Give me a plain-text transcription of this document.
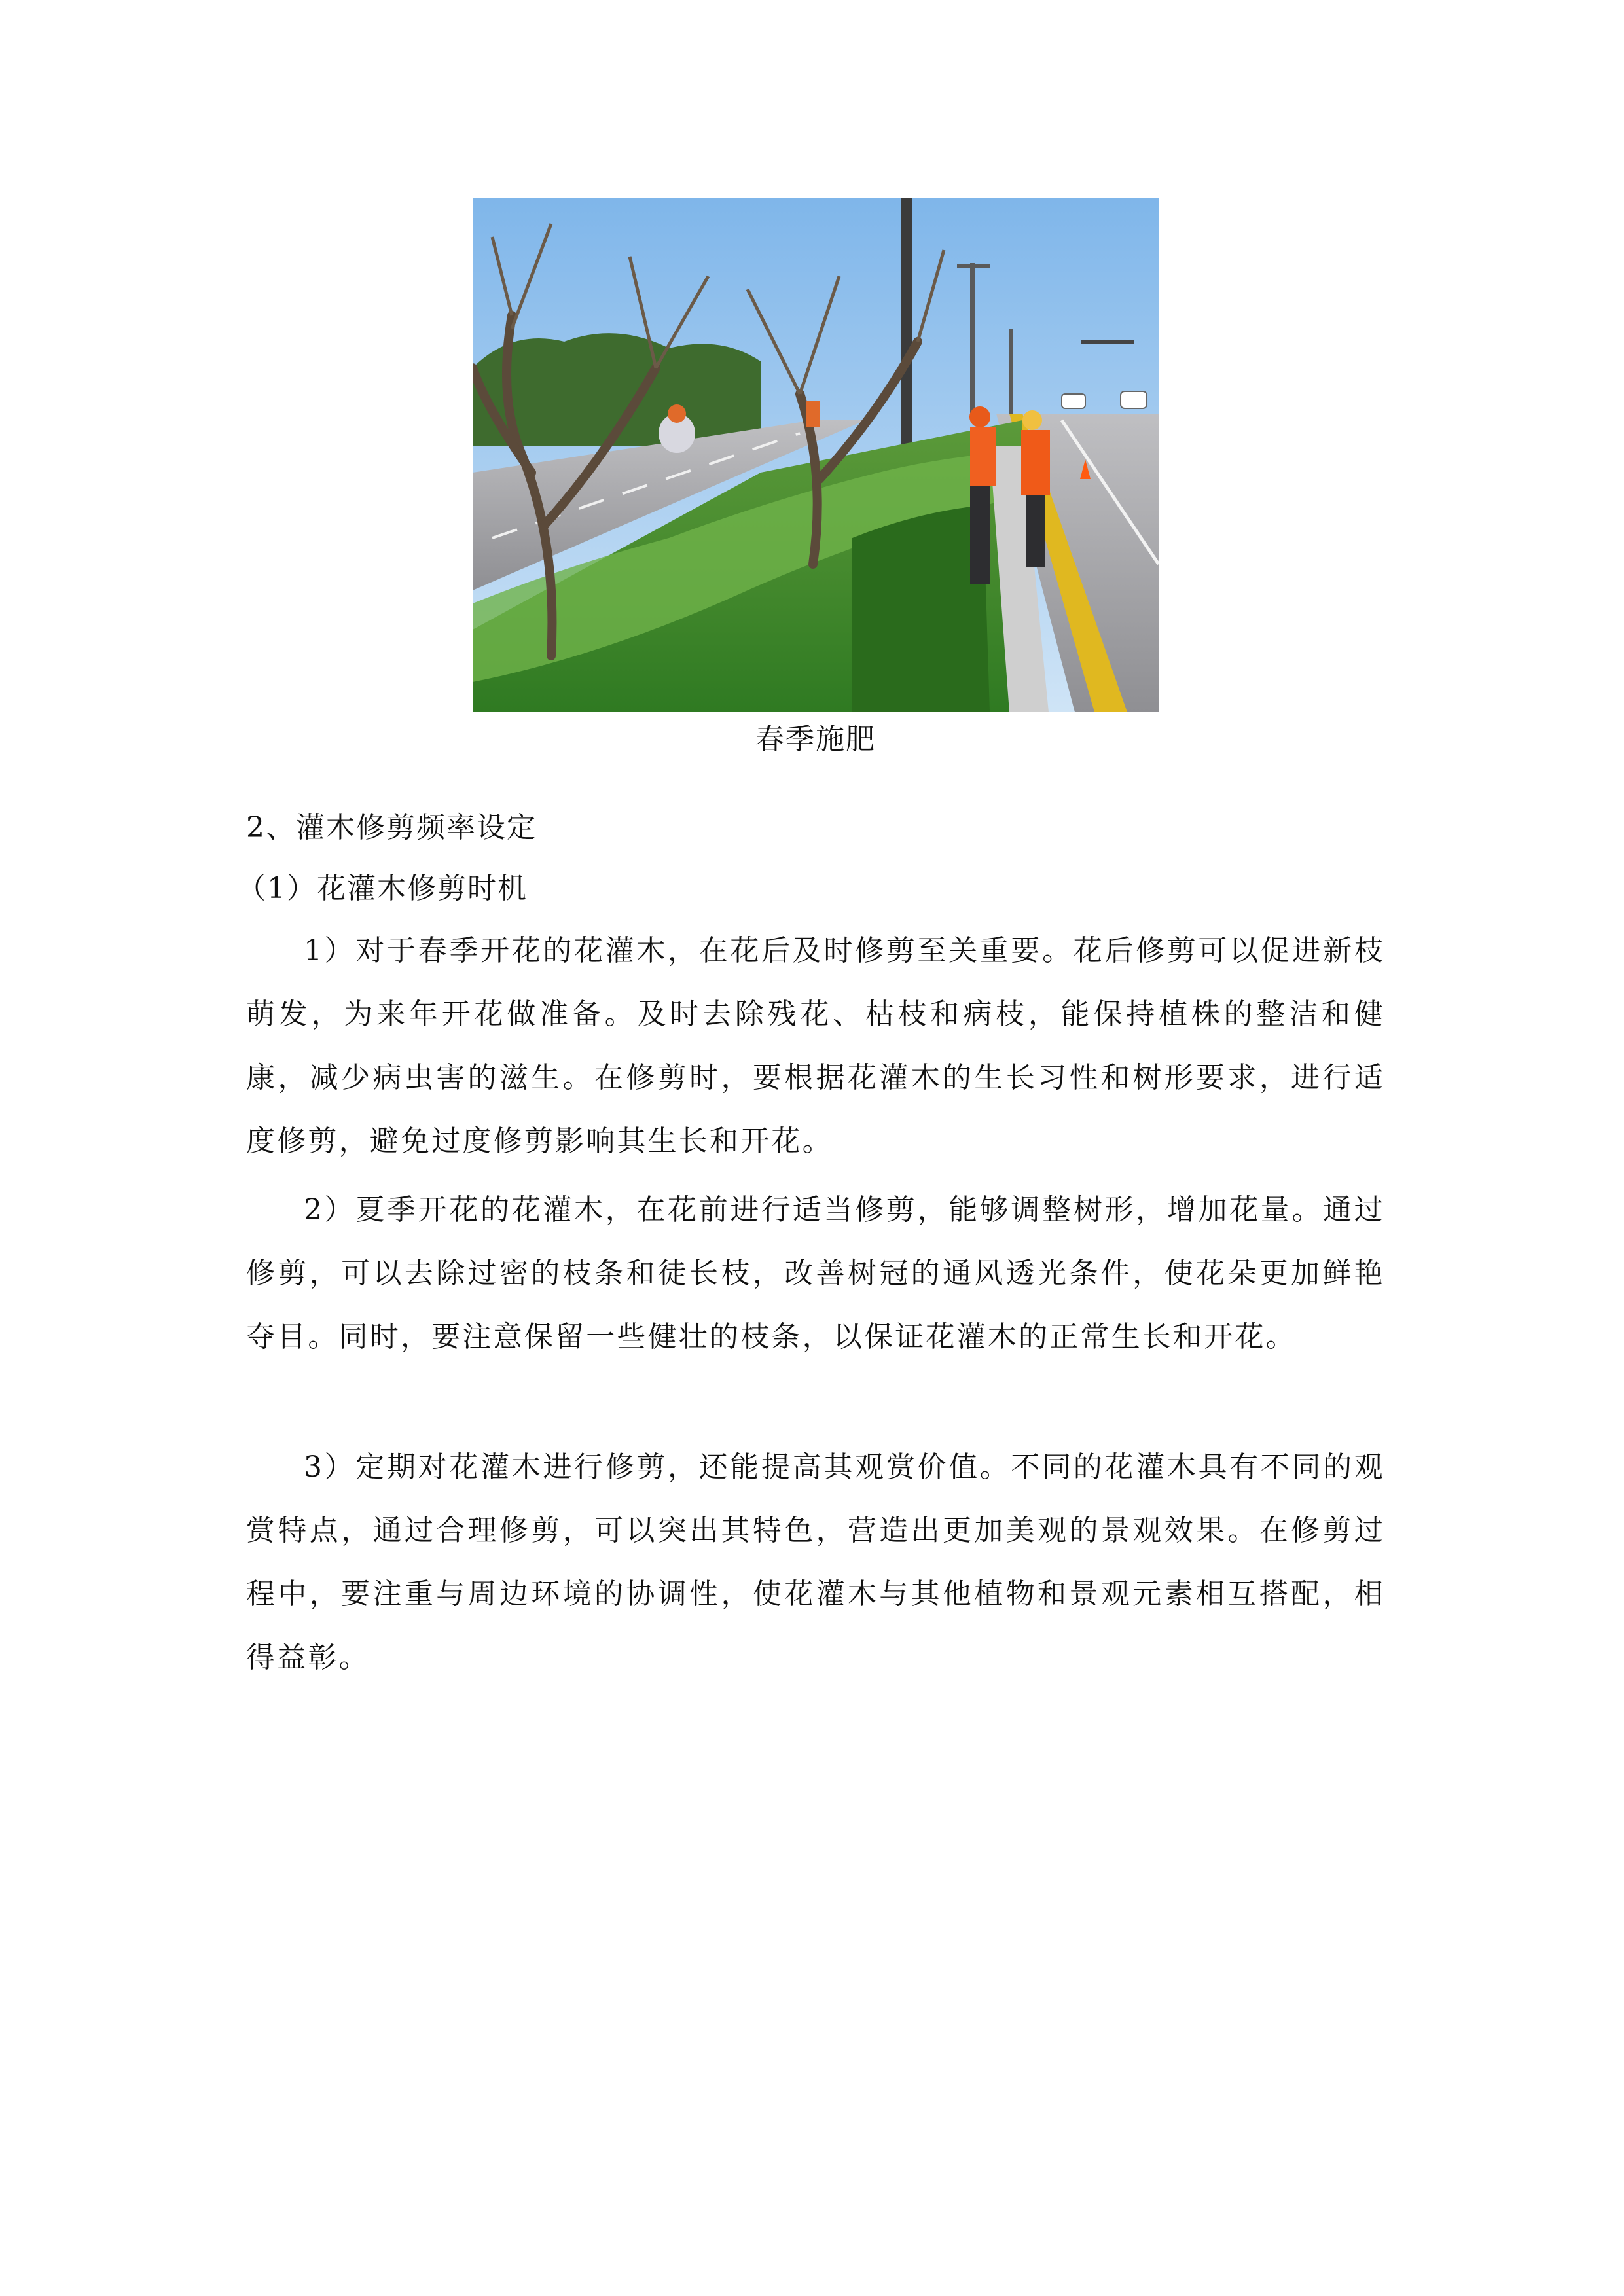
春季施肥
2、灌木修剪频率设定
（1）花灌木修剪时机

1）对于春季开花的花灌木，在花后及时修剪至关重要。花后修剪可以促进新枝萌发，为来年开花做准备。及时去除残花、枯枝和病枝，能保持植株的整洁和健康，减少病虫害的滋生。在修剪时，要根据花灌木的生长习性和树形要求，进行适度修剪，避免过度修剪影响其生长和开花。

2）夏季开花的花灌木，在花前进行适当修剪，能够调整树形，增加花量。通过修剪，可以去除过密的枝条和徒长枝，改善树冠的通风透光条件，使花朵更加鲜艳夺目。同时，要注意保留一些健壮的枝条，以保证花灌木的正常生长和开花。

3）定期对花灌木进行修剪，还能提高其观赏价值。不同的花灌木具有不同的观赏特点，通过合理修剪，可以突出其特色，营造出更加美观的景观效果。在修剪过程中，要注重与周边环境的协调性，使花灌木与其他植物和景观元素相互搭配，相得益彰。
